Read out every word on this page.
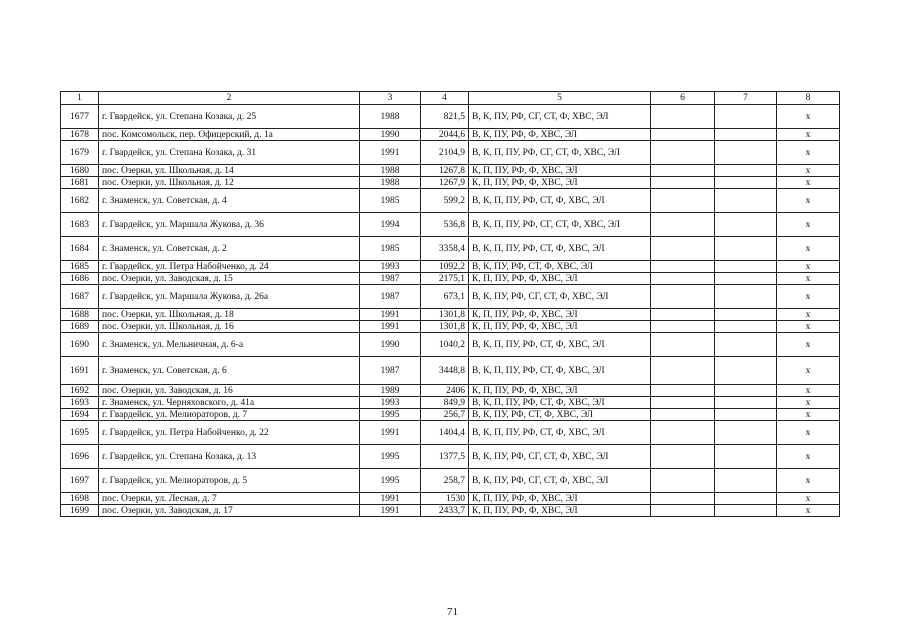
1	2	3	4	5	6	7	8
1677	г. Гвардейск, ул. Степана Козака, д. 25	1988	821,5	В, К, ПУ, РФ, СГ, СТ, Ф, ХВС, ЭЛ			х
1678	пос. Комсомольск, пер. Офицерский, д. 1а	1990	2044,6	В, К, ПУ, РФ, Ф, ХВС, ЭЛ			х
1679	г. Гвардейск, ул. Степана Козака, д. 31	1991	2104,9	В, К, П, ПУ, РФ, СГ, СТ, Ф, ХВС, ЭЛ			х
1680	пос. Озерки, ул. Школьная, д. 14	1988	1267,8	К, П, ПУ, РФ, Ф, ХВС, ЭЛ			х
1681	пос. Озерки, ул. Школьная, д. 12	1988	1267,9	К, П, ПУ, РФ, Ф, ХВС, ЭЛ			х
1682	г. Знаменск, ул. Советская, д. 4	1985	599,2	В, К, П, ПУ, РФ, СТ, Ф, ХВС, ЭЛ			х
1683	г. Гвардейск, ул. Маршала Жукова, д. 36	1994	536,8	В, К, П, ПУ, РФ, СГ, СТ, Ф, ХВС, ЭЛ			х
1684	г. Знаменск, ул. Советская, д. 2	1985	3358,4	В, К, П, ПУ, РФ, СТ, Ф, ХВС, ЭЛ			х
1685	г. Гвардейск, ул. Петра Набойченко, д. 24	1993	1092,2	В, К, ПУ, РФ, СТ, Ф, ХВС, ЭЛ			х
1686	пос. Озерки, ул. Заводская, д. 15	1987	2175,1	К, П, ПУ, РФ, Ф, ХВС, ЭЛ			х
1687	г. Гвардейск, ул. Маршала Жукова, д. 26а	1987	673,1	В, К, ПУ, РФ, СГ, СТ, Ф, ХВС, ЭЛ			х
1688	пос. Озерки, ул. Школьная, д. 18	1991	1301,8	К, П, ПУ, РФ, Ф, ХВС, ЭЛ			х
1689	пос. Озерки, ул. Школьная, д. 16	1991	1301,8	К, П, ПУ, РФ, Ф, ХВС, ЭЛ			х
1690	г. Знаменск, ул. Мельничная, д. 6-а	1990	1040,2	В, К, П, ПУ, РФ, СТ, Ф, ХВС, ЭЛ			х
1691	г. Знаменск, ул. Советская, д. 6	1987	3448,8	В, К, П, ПУ, РФ, СТ, Ф, ХВС, ЭЛ			х
1692	пос. Озерки, ул. Заводская, д. 16	1989	2406	К, П, ПУ, РФ, Ф, ХВС, ЭЛ			х
1693	г. Знаменск, ул. Черняховского, д. 41а	1993	849,9	В, К, П, ПУ, РФ, СТ, Ф, ХВС, ЭЛ			х
1694	г. Гвардейск, ул. Мелиораторов, д. 7	1995	256,7	В, К, ПУ, РФ, СТ, Ф, ХВС, ЭЛ			х
1695	г. Гвардейск, ул. Петра Набойченко, д. 22	1991	1404,4	В, К, П, ПУ, РФ, СТ, Ф, ХВС, ЭЛ			х
1696	г. Гвардейск, ул. Степана Козака, д. 13	1995	1377,5	В, К, ПУ, РФ, СГ, СТ, Ф, ХВС, ЭЛ			х
1697	г. Гвардейск, ул. Мелиораторов, д. 5	1995	258,7	В, К, ПУ, РФ, СГ, СТ, Ф, ХВС, ЭЛ			х
1698	пос. Озерки, ул. Лесная, д. 7	1991	1530	К, П, ПУ, РФ, Ф, ХВС, ЭЛ			х
1699	пос. Озерки, ул. Заводская, д. 17	1991	2433,7	К, П, ПУ, РФ, Ф, ХВС, ЭЛ			х
71
